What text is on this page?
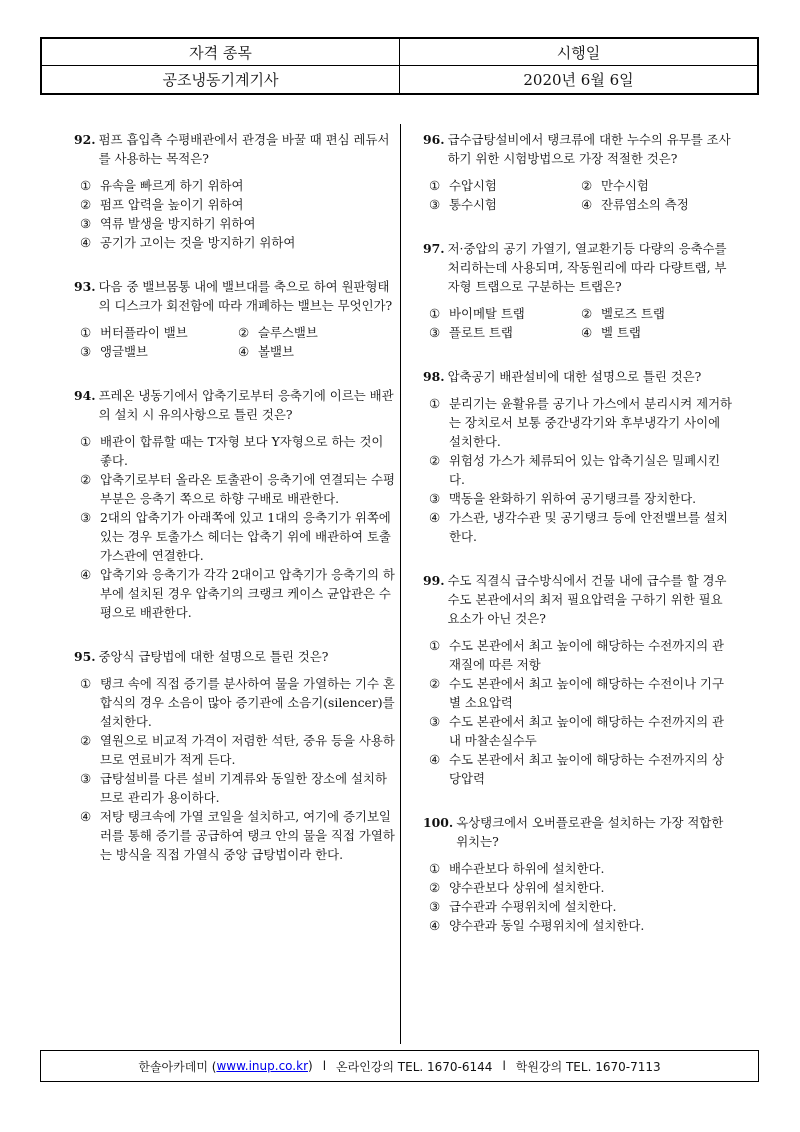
자격 종목	시행일
공조냉동기계기사	2020년 6월 6일
92. 펌프 흡입측 수평배관에서 관경을 바꿀 때 편심 레듀서를 사용하는 목적은?
① 유속을 빠르게 하기 위하여
② 펌프 압력을 높이기 위하여
③ 역류 발생을 방지하기 위하여
④ 공기가 고이는 것을 방지하기 위하여
93. 다음 중 밸브몸통 내에 밸브대를 축으로 하여 원판형태의 디스크가 회전함에 따라 개폐하는 밸브는 무엇인가?
① 버터플라이 밸브	② 슬루스밸브
③ 앵글밸브	④ 볼밸브
94. 프레온 냉동기에서 압축기로부터 응축기에 이르는 배관의 설치 시 유의사항으로 틀린 것은?
① 배관이 합류할 때는 T자형 보다 Y자형으로 하는 것이 좋다.
② 압축기로부터 올라온 토출관이 응축기에 연결되는 수평부분은 응축기 쪽으로 하향 구배로 배관한다.
③ 2대의 압축기가 아래쪽에 있고 1대의 응축기가 위쪽에 있는 경우 토출가스 헤더는 압축기 위에 배관하여 토출가스관에 연결한다.
④ 압축기와 응축기가 각각 2대이고 압축기가 응축기의 하부에 설치된 경우 압축기의 크랭크 케이스 균압관은 수평으로 배관한다.
95. 중앙식 급탕법에 대한 설명으로 틀린 것은?
① 탱크 속에 직접 증기를 분사하여 물을 가열하는 기수 혼합식의 경우 소음이 많아 증기관에 소음기(silencer)를 설치한다.
② 열원으로 비교적 가격이 저렴한 석탄, 중유 등을 사용하므로 연료비가 적게 든다.
③ 급탕설비를 다른 설비 기계류와 동일한 장소에 설치하므로 관리가 용이하다.
④ 저탕 탱크속에 가열 코일을 설치하고, 여기에 증기보일러를 통해 증기를 공급하여 탱크 안의 물을 직접 가열하는 방식을 직접 가열식 중앙 급탕법이라 한다.
96. 급수급탕설비에서 탱크류에 대한 누수의 유무를 조사하기 위한 시험방법으로 가장 적절한 것은?
① 수압시험	② 만수시험
③ 통수시험	④ 잔류염소의 측정
97. 저·중압의 공기 가열기, 열교환기등 다량의 응축수를 처리하는데 사용되며, 작동원리에 따라 다량트랩, 부자형 트랩으로 구분하는 트랩은?
① 바이메탈 트랩	② 벨로즈 트랩
③ 플로트 트랩	④ 벨 트랩
98. 압축공기 배관설비에 대한 설명으로 틀린 것은?
① 분리기는 윤활유를 공기나 가스에서 분리시켜 제거하는 장치로서 보통 중간냉각기와 후부냉각기 사이에 설치한다.
② 위험성 가스가 체류되어 있는 압축기실은 밀폐시킨다.
③ 맥동을 완화하기 위하여 공기탱크를 장치한다.
④ 가스관, 냉각수관 및 공기탱크 등에 안전밸브를 설치한다.
99. 수도 직결식 급수방식에서 건물 내에 급수를 할 경우 수도 본관에서의 최저 필요압력을 구하기 위한 필요 요소가 아닌 것은?
① 수도 본관에서 최고 높이에 해당하는 수전까지의 관 재질에 따른 저항
② 수도 본관에서 최고 높이에 해당하는 수전이나 기구별 소요압력
③ 수도 본관에서 최고 높이에 해당하는 수전까지의 관내 마찰손실수두
④ 수도 본관에서 최고 높이에 해당하는 수전까지의 상당압력
100. 옥상탱크에서 오버플로관을 설치하는 가장 적합한 위치는?
① 배수관보다 하위에 설치한다.
② 양수관보다 상위에 설치한다.
③ 급수관과 수평위치에 설치한다.
④ 양수관과 동일 수평위치에 설치한다.
한솔아카데미 ( www.inup.co.kr ) l 온라인강의 TEL. 1670-6144 l 학원강의 TEL. 1670-7113
